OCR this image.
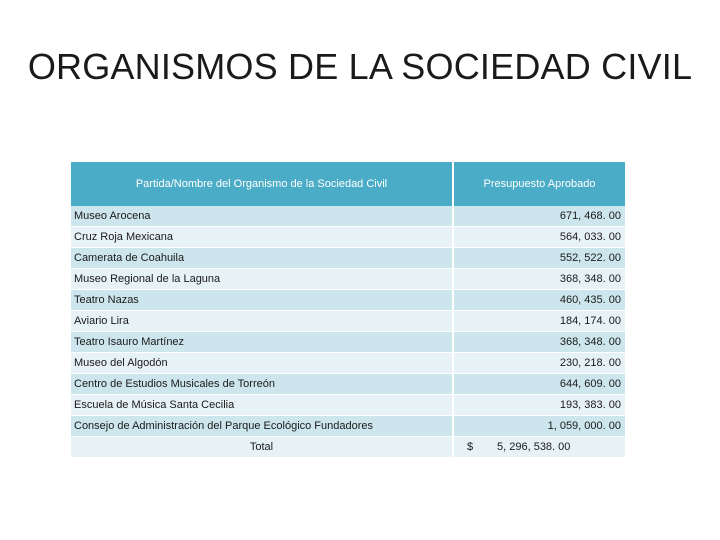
ORGANISMOS DE LA SOCIEDAD CIVIL
Partida/Nombre del Organismo de la Sociedad Civil	Presupuesto Aprobado
Museo Arocena	671, 468. 00
Cruz Roja Mexicana	564, 033. 00
Camerata de Coahuila	552, 522. 00
Museo Regional de la Laguna	368, 348. 00
Teatro Nazas	460, 435. 00
Aviario Lira	184, 174. 00
Teatro Isauro Martínez	368, 348. 00
Museo del Algodón	230, 218. 00
Centro de Estudios Musicales de Torreón	644, 609. 00
Escuela de Música Santa Cecilia	193, 383. 00
Consejo de Administración del Parque Ecológico Fundadores	1, 059, 000. 00
Total	$	5, 296, 538. 00
